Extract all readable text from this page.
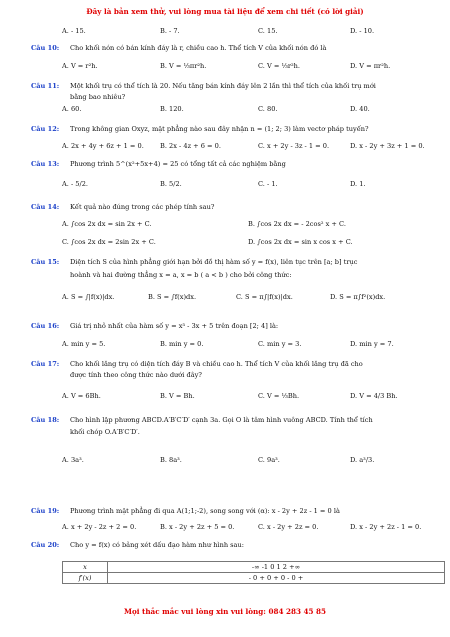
Đây là bản xem thử, vui lòng mua tài liệu để xem chi tiết (có lời giải)
A. - 15.	B. - 7.	C. 15.	D. - 10.
Câu 10: Cho khối nón có bán kính đáy là r, chiều cao h. Thể tích V của khối nón đó là
A. V = r²h.	B. V = ⅓πr²h.	C. V = ⅓r²h.	D. V = πr²h.
Câu 11: Một khối trụ có thể tích là 20. Nếu tăng bán kính đáy lên 2 lần thì thể tích của khối trụ mới
bằng bao nhiêu?
A. 60.	B. 120.	C. 80.	D. 40.
Câu 12: Trong không gian Oxyz, mặt phẳng nào sau đây nhận n = (1; 2; 3) làm vectơ pháp tuyến?
A. 2x + 4y + 6z + 1 = 0. B. 2x - 4z + 6 = 0.	C. x + 2y - 3z - 1 = 0.	D. x - 2y + 3z + 1 = 0.
Câu 13: Phương trình 5^(x²+5x+4) = 25 có tổng tất cả các nghiệm bằng
A. - 5/2.	B. 5/2.	C. - 1.	D. 1.
Câu 14: Kết quả nào đúng trong các phép tính sau?
A. ∫cos 2x dx = sin 2x + C.	B. ∫cos 2x dx = - 2cos² x + C.
C. ∫cos 2x dx = 2sin 2x + C.	D. ∫cos 2x dx = sin x cos x + C.
Câu 15: Diện tích S của hình phẳng giới hạn bởi đồ thị hàm số y = f(x), liên tục trên [a; b] trục
hoành và hai đường thẳng x = a, x = b ( a < b ) cho bởi công thức:
A. S = ∫|f(x)|dx.	B. S = ∫f(x)dx.	C. S = π∫|f(x)|dx.	D. S = π∫f²(x)dx.
Câu 16: Giá trị nhỏ nhất của hàm số y = x³ - 3x + 5 trên đoạn [2; 4] là:
A. min y = 5.	B. min y = 0.	C. min y = 3.	D. min y = 7.
Câu 17: Cho khối lăng trụ có diện tích đáy B và chiều cao h. Thể tích V của khối lăng trụ đã cho
được tính theo công thức nào dưới đây?
A. V = 6Bh.	B. V = Bh.	C. V = ⅓Bh.	D. V = 4/3 Bh.
Câu 18: Cho hình lập phương ABCD.A′B′C′D′ cạnh 3a. Gọi O là tâm hình vuông ABCD. Tính thể tích
khối chóp O.A′B′C′D′.
A. 3a³.	B. 8a³.	C. 9a³.	D. a³/3.
Câu 19: Phương trình mặt phẳng đi qua A(1;1;-2), song song với (α): x - 2y + 2z - 1 = 0 là
A. x + 2y - 2z + 2 = 0.	B. x - 2y + 2z + 5 = 0.	C. x - 2y + 2z = 0.	D. x - 2y + 2z - 1 = 0.
Câu 20: Cho y = f(x) có bảng xét dấu đạo hàm như hình sau:
x	-∞ -1 0 1 2 +∞
f′(x)	- 0 + 0 + 0 - 0 +
Mọi thắc mắc vui lòng xin vui lòng: 084 283 45 85
